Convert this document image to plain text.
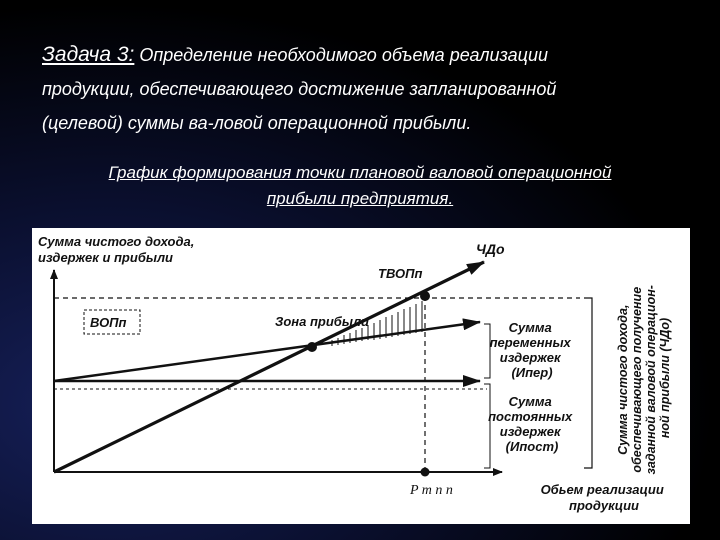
Задача 3: Определение необходимого объема реализации
продукции, обеспечивающего достижение запланированной
(целевой) суммы ва-ловой операционной прибыли.
График формирования точки плановой валовой операционной
прибыли предприятия.
Сумма чистого дохода, издержек и прибыли
ЧДо
ТВОПп
ВОПп	Зона прибыли	Сумма переменных издержек (Ипер)
Сумма постоянных издержек (Ипост)	Сумма чистого дохода, обеспечивающего получение заданной валовой операцион- ной прибыли (ЧДо)
P т п п	Обьем реализации продукции
